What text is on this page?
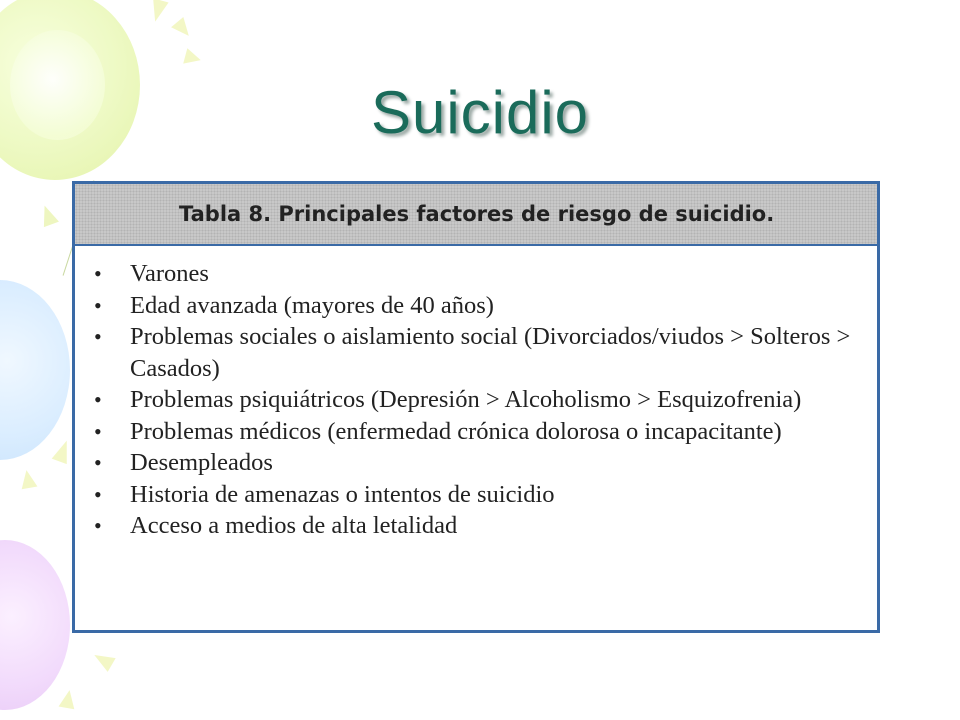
Suicidio
Tabla 8. Principales factores de riesgo de suicidio.
• Varones
• Edad avanzada (mayores de 40 años)
• Problemas sociales o aislamiento social (Divorciados/viudos > Solteros > Casados)
• Problemas psiquiátricos (Depresión > Alcoholismo > Esquizofrenia)
• Problemas médicos (enfermedad crónica dolorosa o incapacitante)
• Desempleados
• Historia de amenazas o intentos de suicidio
• Acceso a medios de alta letalidad
